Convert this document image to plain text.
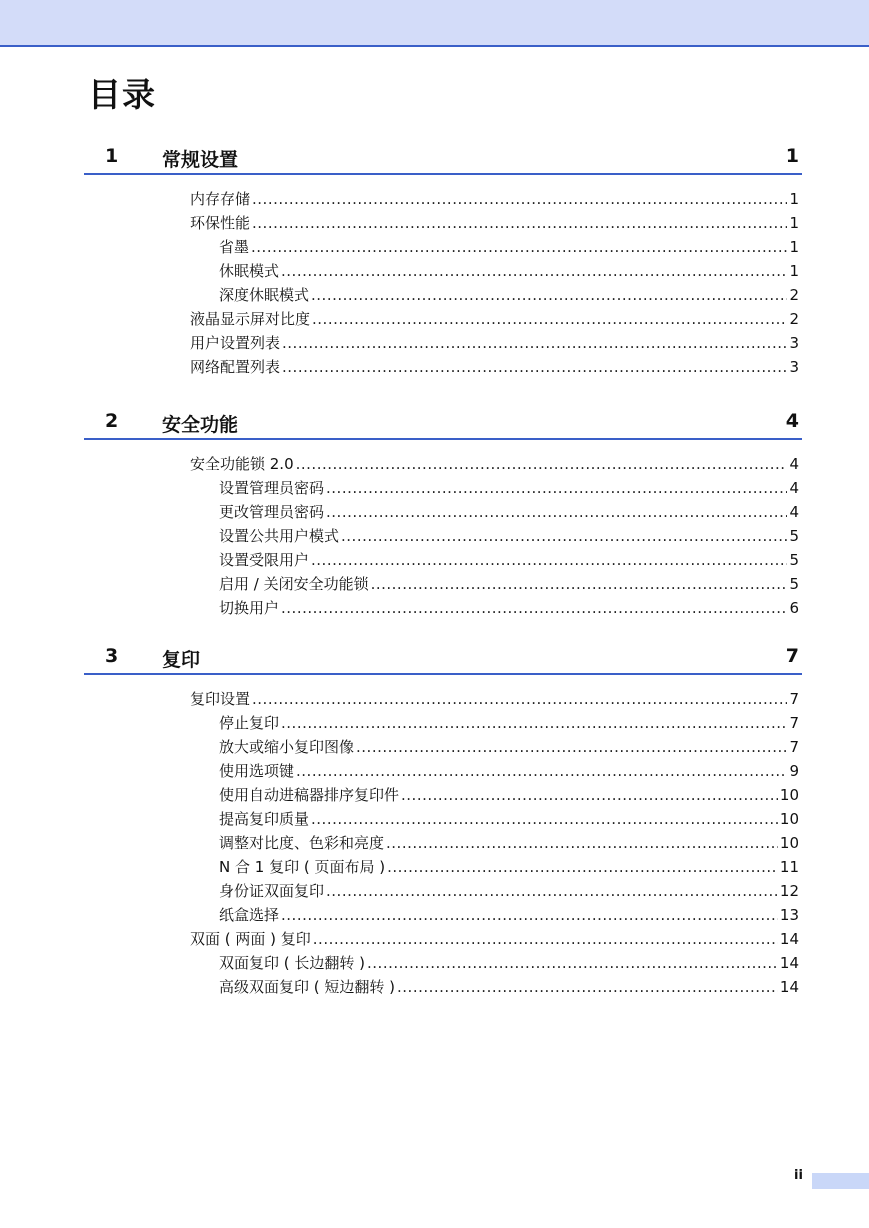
目录
1 常规设置	1
内存存储 .....	1
环保性能 .....	1
省墨 .....	1
休眠模式 .....	1
深度休眠模式 .....	2
液晶显示屏对比度 .....	2
用户设置列表 .....	3
网络配置列表 .....	3
2 安全功能	4
安全功能锁 2.0 .....	4
设置管理员密码 .....	4
更改管理员密码 .....	4
设置公共用户模式 .....	5
设置受限用户 .....	5
启用 / 关闭安全功能锁 .....	5
切换用户 .....	6
3 复印	7
复印设置 .....	7
停止复印 .....	7
放大或缩小复印图像 .....	7
使用选项键 .....	9
使用自动进稿器排序复印件 .....	10
提高复印质量 .....	10
调整对比度、色彩和亮度 .....	10
N 合 1 复印 ( 页面布局 ) .....	11
身份证双面复印 .....	12
纸盒选择 .....	13
双面 ( 两面 ) 复印 .....	14
双面复印 ( 长边翻转 ) .....	14
高级双面复印 ( 短边翻转 ) .....	14
ii
